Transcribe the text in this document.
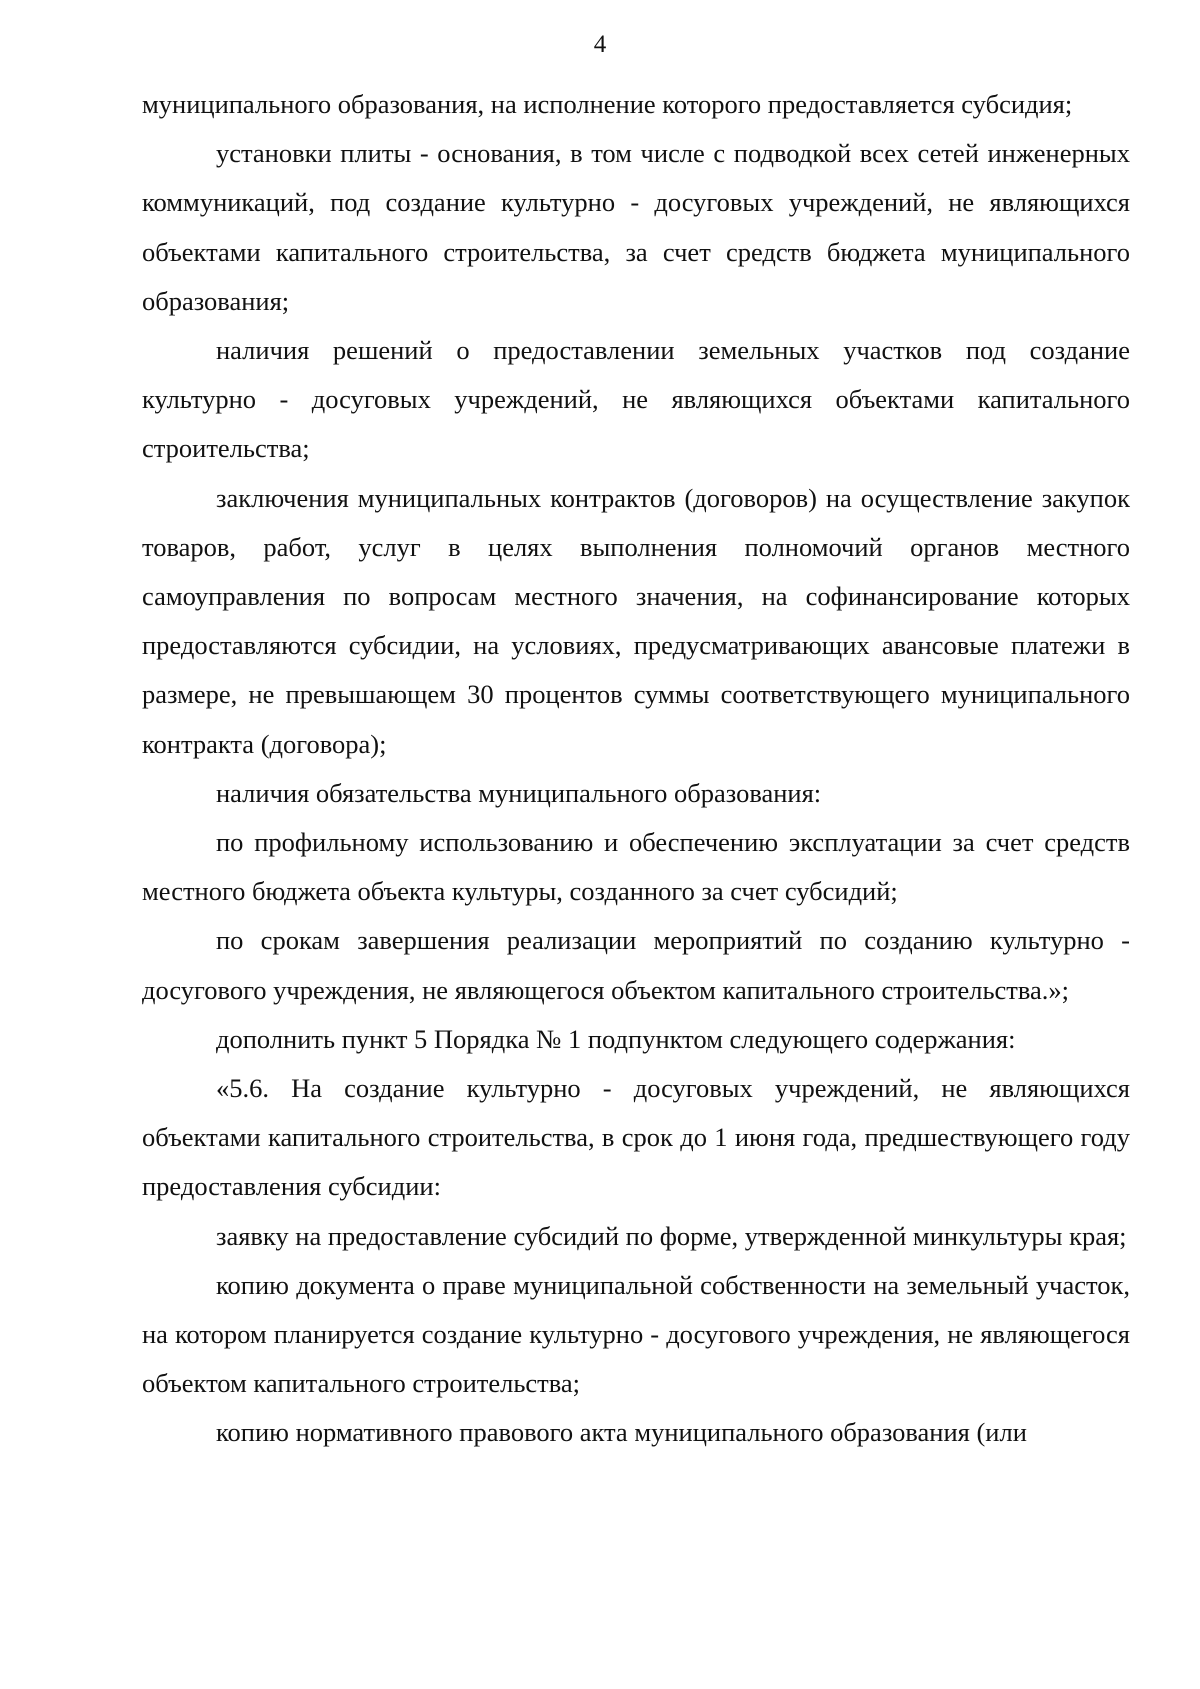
4

муниципального образования, на исполнение которого предоставляется субсидия;

установки плиты - основания, в том числе с подводкой всех сетей инженерных коммуникаций, под создание культурно - досуговых учреждений, не являющихся объектами капитального строительства, за счет средств бюджета муниципального образования;

наличия решений о предоставлении земельных участков под создание культурно - досуговых учреждений, не являющихся объектами капитального строительства;

заключения муниципальных контрактов (договоров) на осуществление закупок товаров, работ, услуг в целях выполнения полномочий органов местного самоуправления по вопросам местного значения, на софинансирование которых предоставляются субсидии, на условиях, предусматривающих авансовые платежи в размере, не превышающем 30 процентов суммы соответствующего муниципального контракта (договора);

наличия обязательства муниципального образования:

по профильному использованию и обеспечению эксплуатации за счет средств местного бюджета объекта культуры, созданного за счет субсидий;

по срокам завершения реализации мероприятий по созданию культурно - досугового учреждения, не являющегося объектом капитального строительства.»;

дополнить пункт 5 Порядка № 1 подпунктом следующего содержания:

«5.6. На создание культурно - досуговых учреждений, не являющихся объектами капитального строительства, в срок до 1 июня года, предшествующего году предоставления субсидии:

заявку на предоставление субсидий по форме, утвержденной минкультуры края;

копию документа о праве муниципальной собственности на земельный участок, на котором планируется создание культурно - досугового учреждения, не являющегося объектом капитального строительства;

копию нормативного правового акта муниципального образования (или
